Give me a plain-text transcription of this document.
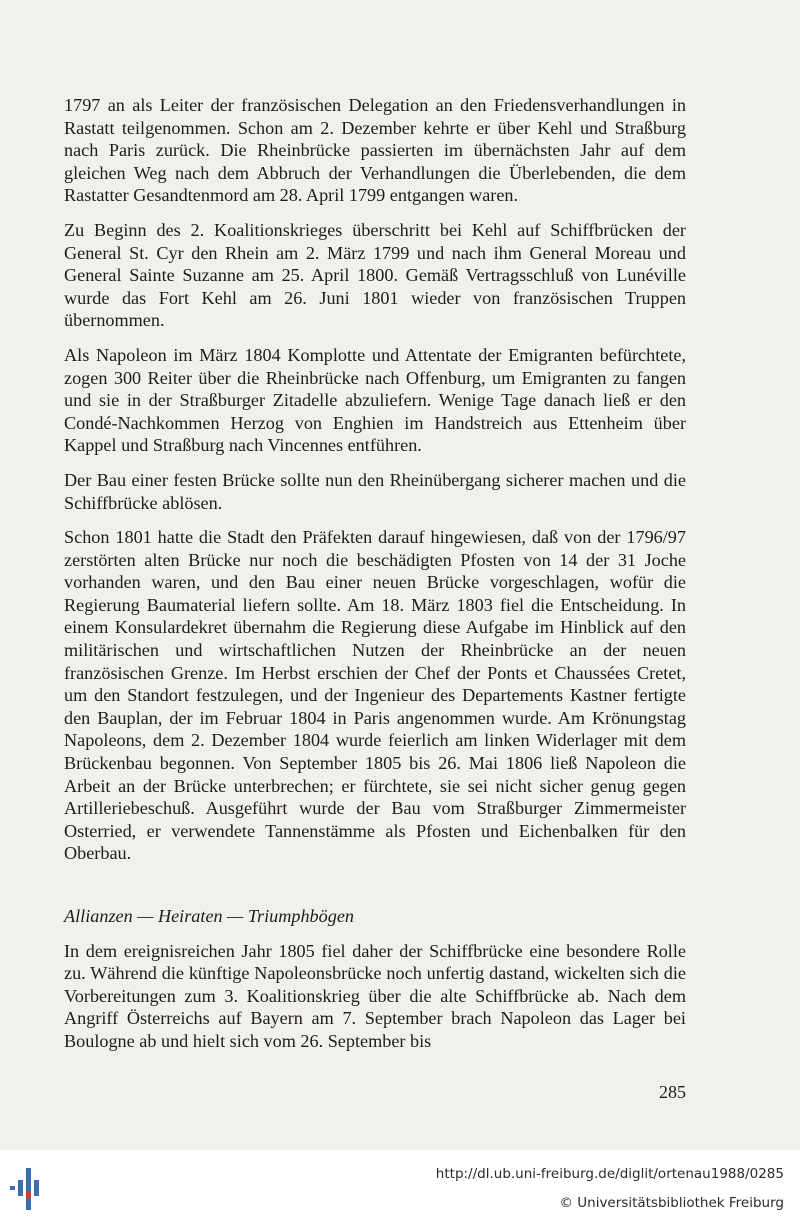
1797 an als Leiter der französischen Delegation an den Friedensverhandlungen in Rastatt teilgenommen. Schon am 2. Dezember kehrte er über Kehl und Straßburg nach Paris zurück. Die Rheinbrücke passierten im übernächsten Jahr auf dem gleichen Weg nach dem Abbruch der Verhandlungen die Überlebenden, die dem Rastatter Gesandtenmord am 28. April 1799 entgangen waren.

Zu Beginn des 2. Koalitionskrieges überschritt bei Kehl auf Schiffbrücken der General St. Cyr den Rhein am 2. März 1799 und nach ihm General Moreau und General Sainte Suzanne am 25. April 1800. Gemäß Vertragsschluß von Lunéville wurde das Fort Kehl am 26. Juni 1801 wieder von französischen Truppen übernommen.

Als Napoleon im März 1804 Komplotte und Attentate der Emigranten befürchtete, zogen 300 Reiter über die Rheinbrücke nach Offenburg, um Emigranten zu fangen und sie in der Straßburger Zitadelle abzuliefern. Wenige Tage danach ließ er den Condé-Nachkommen Herzog von Enghien im Handstreich aus Ettenheim über Kappel und Straßburg nach Vincennes entführen.

Der Bau einer festen Brücke sollte nun den Rheinübergang sicherer machen und die Schiffbrücke ablösen.

Schon 1801 hatte die Stadt den Präfekten darauf hingewiesen, daß von der 1796/97 zerstörten alten Brücke nur noch die beschädigten Pfosten von 14 der 31 Joche vorhanden waren, und den Bau einer neuen Brücke vorgeschlagen, wofür die Regierung Baumaterial liefern sollte. Am 18. März 1803 fiel die Entscheidung. In einem Konsulardekret übernahm die Regierung diese Aufgabe im Hinblick auf den militärischen und wirtschaftlichen Nutzen der Rheinbrücke an der neuen französischen Grenze. Im Herbst erschien der Chef der Ponts et Chaussées Cretet, um den Standort festzulegen, und der Ingenieur des Departements Kastner fertigte den Bauplan, der im Februar 1804 in Paris angenommen wurde. Am Krönungstag Napoleons, dem 2. Dezember 1804 wurde feierlich am linken Widerlager mit dem Brückenbau begonnen. Von September 1805 bis 26. Mai 1806 ließ Napoleon die Arbeit an der Brücke unterbrechen; er fürchtete, sie sei nicht sicher genug gegen Artilleriebeschuß. Ausgeführt wurde der Bau vom Straßburger Zimmermeister Osterried, er verwendete Tannenstämme als Pfosten und Eichenbalken für den Oberbau.

Allianzen — Heiraten — Triumphbögen

In dem ereignisreichen Jahr 1805 fiel daher der Schiffbrücke eine besondere Rolle zu. Während die künftige Napoleonsbrücke noch unfertig dastand, wickelten sich die Vorbereitungen zum 3. Koalitionskrieg über die alte Schiffbrücke ab. Nach dem Angriff Österreichs auf Bayern am 7. September brach Napoleon das Lager bei Boulogne ab und hielt sich vom 26. September bis

285
http://dl.ub.uni-freiburg.de/diglit/ortenau1988/0285
© Universitätsbibliothek Freiburg
